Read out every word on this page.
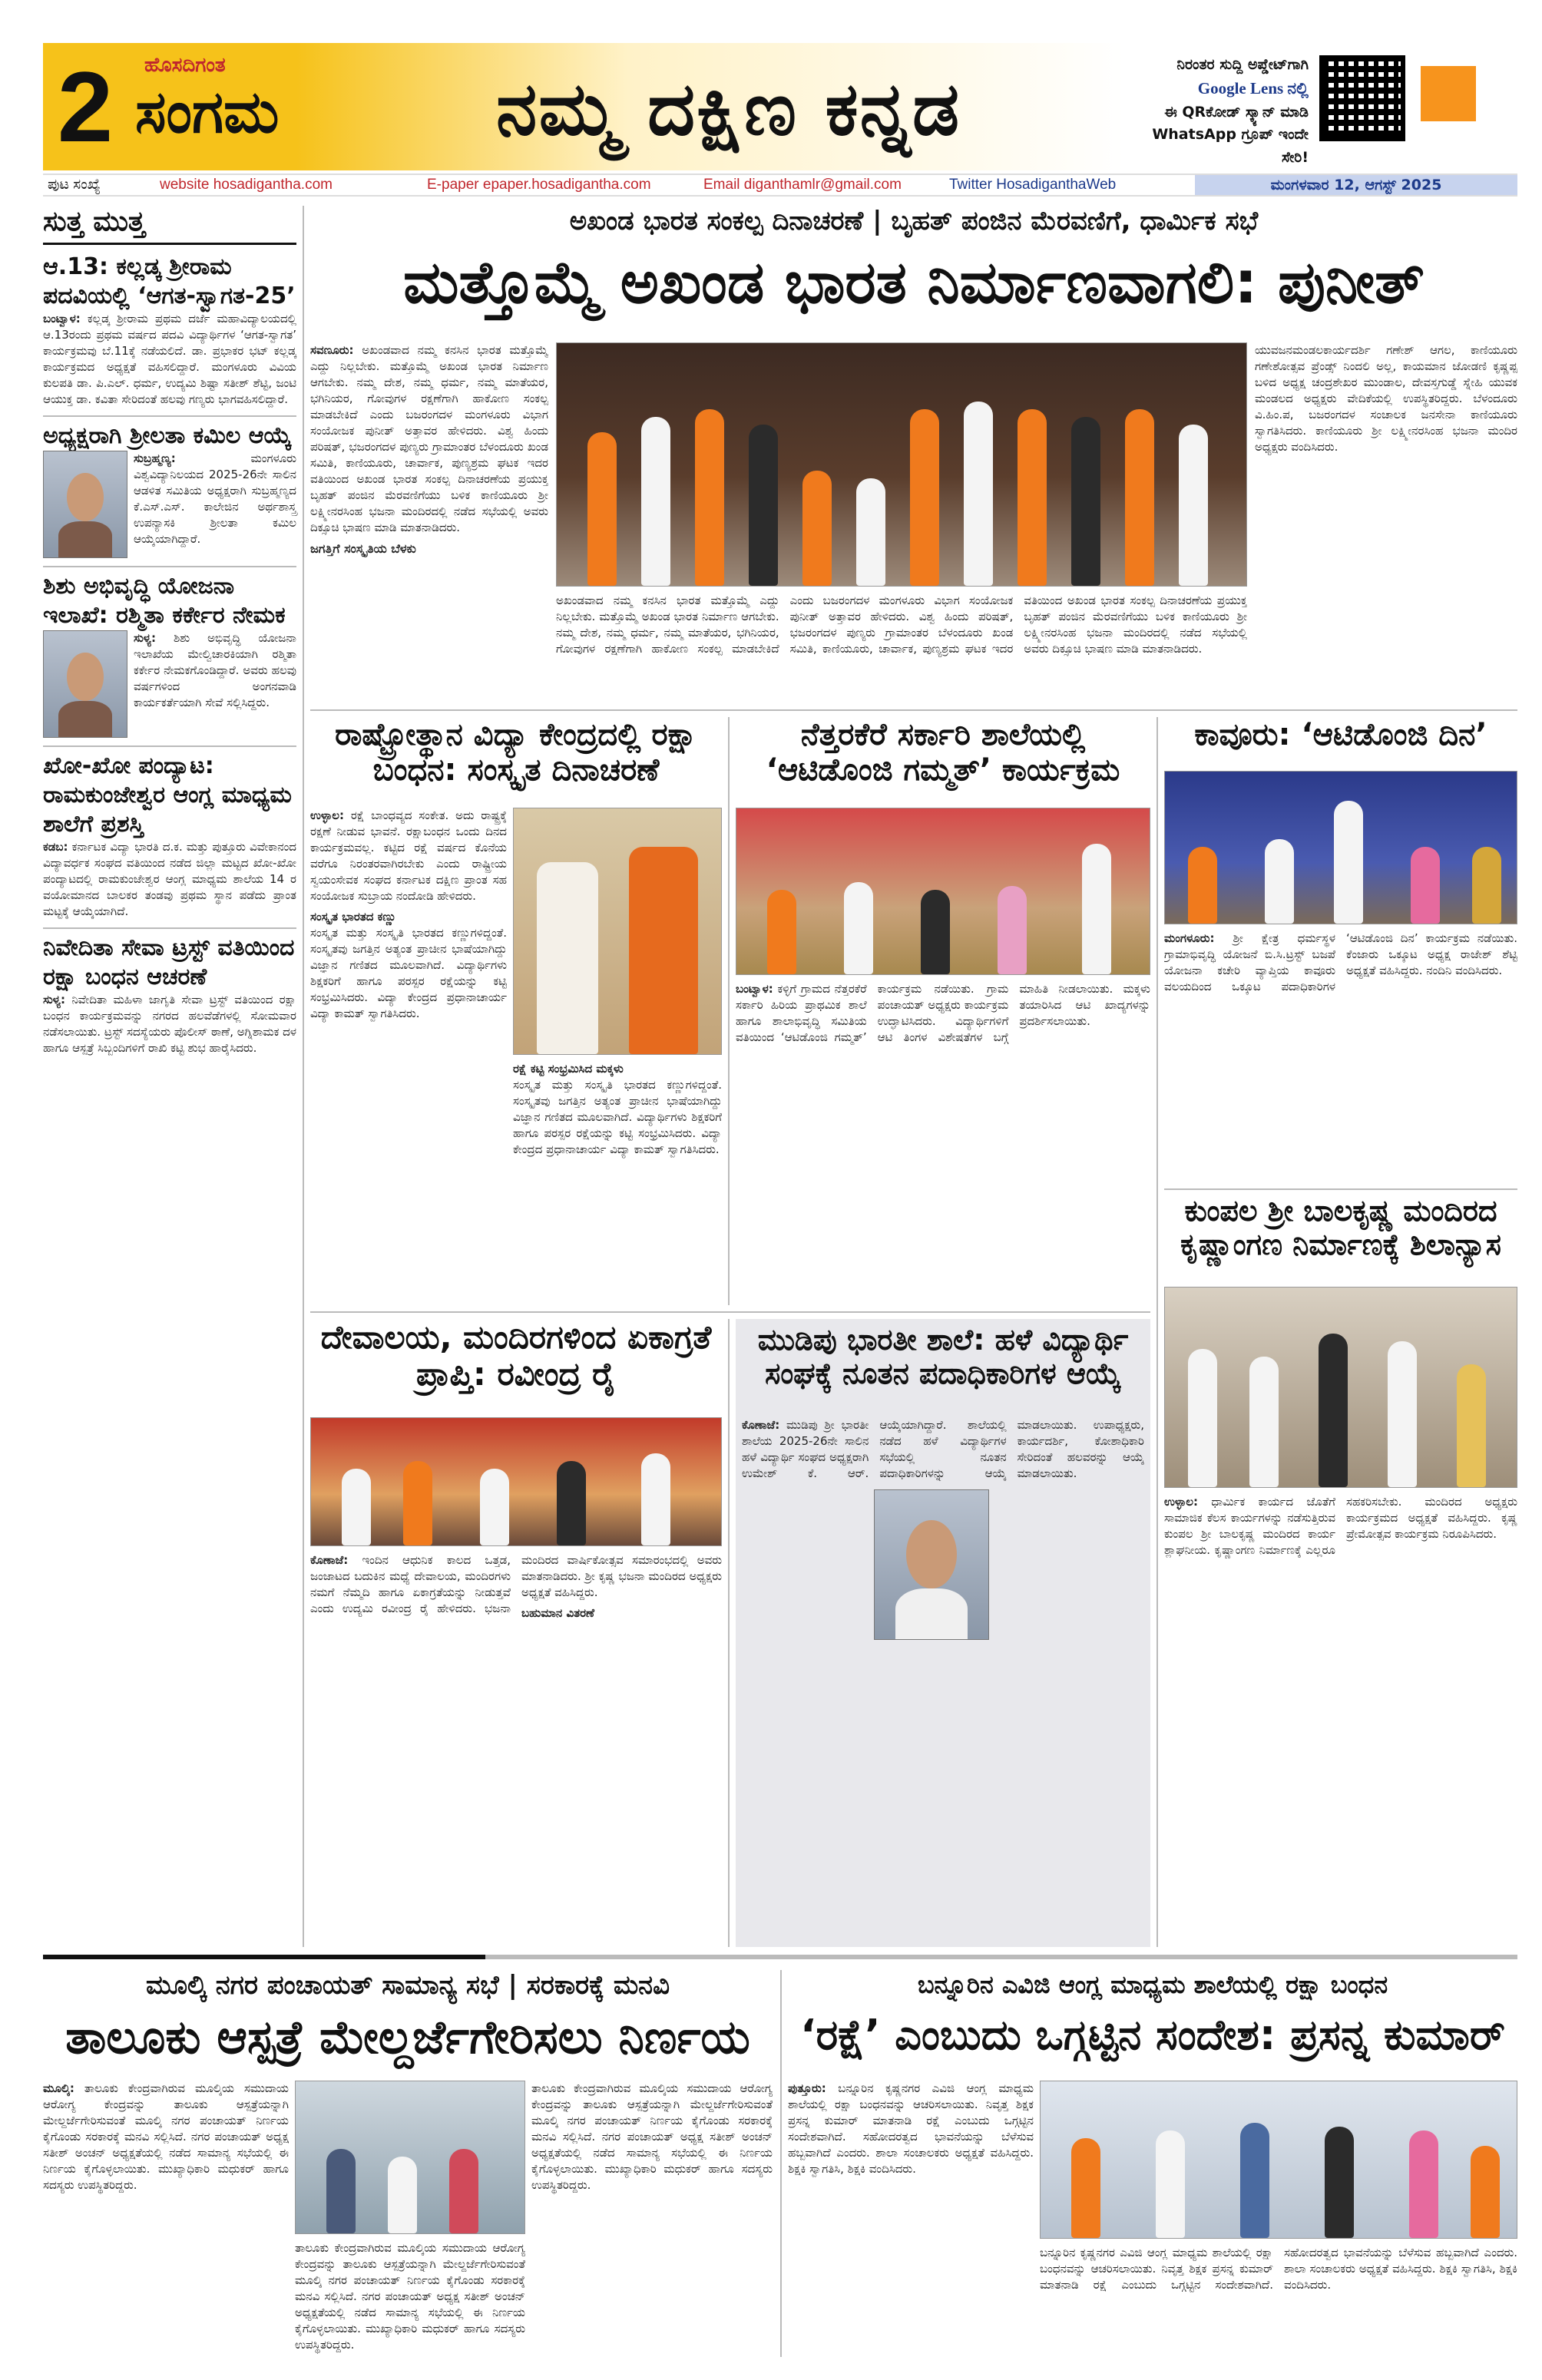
2	ಹೊಸದಿಗಂತ
ಸಂಗಮ	ನಮ್ಮ ದಕ್ಷಿಣ ಕನ್ನಡ
ನಿರಂತರ ಸುದ್ದಿ ಅಪ್ಡೇಟ್‌ಗಾಗಿ
Google Lens ನಲ್ಲಿ
ಈ QRಕೋಡ್ ಸ್ಕ್ಯಾನ್ ಮಾಡಿ
WhatsApp ಗ್ರೂಪ್ ಇಂದೇ ಸೇರಿ!
ಪುಟ ಸಂಖ್ಯೆ	website hosadigantha.com	E-paper epaper.hosadigantha.com	Email diganthamlr@gmail.com	Twitter HosadiganthaWeb	ಮಂಗಳವಾರ 12, ಆಗಸ್ಟ್ 2025
ಸುತ್ತ ಮುತ್ತ
ಆ.13: ಕಲ್ಲಡ್ಕ ಶ್ರೀರಾಮ ಪದವಿಯಲ್ಲಿ ‘ಆಗತ-ಸ್ವಾಗತ-25’
ಬಂಟ್ವಾಳ: ಕಲ್ಲಡ್ಕ ಶ್ರೀರಾಮ ಪ್ರಥಮ ದರ್ಜೆ ಮಹಾವಿದ್ಯಾಲಯದಲ್ಲಿ ಆ.13ರಂದು ಪ್ರಥಮ ವರ್ಷದ ಪದವಿ ವಿದ್ಯಾರ್ಥಿಗಳ ‘ಆಗತ-ಸ್ವಾಗತ’ ಕಾರ್ಯಕ್ರಮವು ಬೆ.11ಕ್ಕೆ ನಡೆಯಲಿದೆ. ಡಾ. ಪ್ರಭಾಕರ ಭಟ್ ಕಲ್ಲಡ್ಕ ಕಾರ್ಯಕ್ರಮದ ಅಧ್ಯಕ್ಷತೆ ವಹಿಸಲಿದ್ದಾರೆ. ಮಂಗಳೂರು ವಿವಿಯ ಕುಲಪತಿ ಡಾ. ಪಿ.ಎಲ್. ಧರ್ಮ, ಉದ್ಯಮಿ ಶಿಷ್ಟಾ ಸತೀಶ್ ಶೆಟ್ಟಿ, ಜಂಟಿ ಆಯುಕ್ತ ಡಾ. ಕವಿತಾ ಸೇರಿದಂತೆ ಹಲವು ಗಣ್ಯರು ಭಾಗವಹಿಸಲಿದ್ದಾರೆ.
ಅಧ್ಯಕ್ಷರಾಗಿ ಶ್ರೀಲತಾ ಕಮಿಲ ಆಯ್ಕೆ
ಸುಬ್ರಹ್ಮಣ್ಯ:	ಮಂಗಳೂರು ವಿಶ್ವವಿದ್ಯಾನಿಲಯದ 2025-26ನೇ ಸಾಲಿನ ಆಡಳಿತ ಸಮಿತಿಯ ಅಧ್ಯಕ್ಷರಾಗಿ ಸುಬ್ರಹ್ಮಣ್ಯದ ಕೆ.ಎಸ್.ಎಸ್. ಕಾಲೇಜಿನ ಅರ್ಥಶಾಸ್ತ್ರ ಉಪನ್ಯಾಸಕಿ ಶ್ರೀಲತಾ ಕಮಿಲ ಆಯ್ಕೆಯಾಗಿದ್ದಾರೆ.
ಶಿಶು ಅಭಿವೃದ್ಧಿ ಯೋಜನಾ ಇಲಾಖೆ: ರಶ್ಮಿತಾ ಕರ್ಕೇರ ನೇಮಕ
ಸುಳ್ಯ: ಶಿಶು ಅಭಿವೃದ್ಧಿ ಯೋಜನಾ ಇಲಾಖೆಯ ಮೇಲ್ವಿಚಾರಕಿಯಾಗಿ ರಶ್ಮಿತಾ ಕರ್ಕೇರ ನೇಮಕಗೊಂಡಿದ್ದಾರೆ. ಅವರು ಹಲವು ವರ್ಷಗಳಿಂದ ಅಂಗನವಾಡಿ ಕಾರ್ಯಕರ್ತೆಯಾಗಿ ಸೇವೆ ಸಲ್ಲಿಸಿದ್ದರು.
ಖೋ-ಖೋ ಪಂದ್ಯಾಟ: ರಾಮಕುಂಜೇಶ್ವರ ಆಂಗ್ಲ ಮಾಧ್ಯಮ ಶಾಲೆಗೆ ಪ್ರಶಸ್ತಿ
ಕಡಬ: ಕರ್ನಾಟಕ ವಿದ್ಯಾ ಭಾರತಿ ದ.ಕ. ಮತ್ತು ಪುತ್ತೂರು ವಿವೇಕಾನಂದ ವಿದ್ಯಾವರ್ಧಕ ಸಂಘದ ವತಿಯಿಂದ ನಡೆದ ಜಿಲ್ಲಾ ಮಟ್ಟದ ಖೋ-ಖೋ ಪಂದ್ಯಾಟದಲ್ಲಿ ರಾಮಕುಂಜೇಶ್ವರ ಆಂಗ್ಲ ಮಾಧ್ಯಮ ಶಾಲೆಯ 14 ರ ವಯೋಮಾನದ ಬಾಲಕರ ತಂಡವು ಪ್ರಥಮ ಸ್ಥಾನ ಪಡೆದು ಪ್ರಾಂತ ಮಟ್ಟಕ್ಕೆ ಆಯ್ಕೆಯಾಗಿದೆ.
ನಿವೇದಿತಾ ಸೇವಾ ಟ್ರಸ್ಟ್ ವತಿಯಿಂದ ರಕ್ಷಾ ಬಂಧನ ಆಚರಣೆ
ಸುಳ್ಯ: ನಿವೇದಿತಾ ಮಹಿಳಾ ಜಾಗೃತಿ ಸೇವಾ ಟ್ರಸ್ಟ್ ವತಿಯಿಂದ ರಕ್ಷಾ ಬಂಧನ ಕಾರ್ಯಕ್ರಮವನ್ನು ನಗರದ ಹಲವೆಡೆಗಳಲ್ಲಿ ಸೋಮವಾರ ನಡೆಸಲಾಯಿತು. ಟ್ರಸ್ಟ್ ಸದಸ್ಯೆಯರು ಪೊಲೀಸ್ ಠಾಣೆ, ಅಗ್ನಿಶಾಮಕ ದಳ ಹಾಗೂ ಆಸ್ಪತ್ರೆ ಸಿಬ್ಬಂದಿಗಳಿಗೆ ರಾಖಿ ಕಟ್ಟಿ ಶುಭ ಹಾರೈಸಿದರು.
ಅಖಂಡ ಭಾರತ ಸಂಕಲ್ಪ ದಿನಾಚರಣೆ | ಬೃಹತ್ ಪಂಜಿನ ಮೆರವಣಿಗೆ, ಧಾರ್ಮಿಕ ಸಭೆ
ಮತ್ತೊಮ್ಮೆ ಅಖಂಡ ಭಾರತ ನಿರ್ಮಾಣವಾಗಲಿ: ಪುನೀತ್
ಸವಣೂರು: ಅಖಂಡವಾದ ನಮ್ಮ ಕನಸಿನ ಭಾರತ ಮತ್ತೊಮ್ಮೆ ಎದ್ದು ನಿಲ್ಲಬೇಕು. ಮತ್ತೊಮ್ಮೆ ಅಖಂಡ ಭಾರತ ನಿರ್ಮಾಣ ಆಗಬೇಕು. ನಮ್ಮ ದೇಶ, ನಮ್ಮ ಧರ್ಮ, ನಮ್ಮ ಮಾತೆಯರ, ಭಗಿನಿಯರ, ಗೋವುಗಳ ರಕ್ಷಣೆಗಾಗಿ ಹಾಕೋಣ ಸಂಕಲ್ಪ ಮಾಡಬೇಕಿದೆ ಎಂದು ಬಜರಂಗದಳ ಮಂಗಳೂರು ವಿಭಾಗ ಸಂಯೋಜಕ ಪುನೀತ್ ಅತ್ತಾವರ ಹೇಳಿದರು. ವಿಶ್ವ ಹಿಂದು ಪರಿಷತ್, ಭಜರಂಗದಳ ಪುಣ್ಯರು ಗ್ರಾಮಾಂತರ ಬೆಳಂದೂರು ಖಂಡ ಸಮಿತಿ, ಕಾಣಿಯೂರು, ಚಾರ್ವಾಕ, ಪುಣ್ಯಶ್ರಮ ಘಟಕ ಇದರ ವತಿಯಿಂದ ಅಖಂಡ ಭಾರತ ಸಂಕಲ್ಪ ದಿನಾಚರಣೆಯ ಪ್ರಯುಕ್ತ ಬೃಹತ್ ಪಂಜಿನ ಮೆರವಣಿಗೆಯು ಬಳಿಕ ಕಾಣಿಯೂರು ಶ್ರೀ ಲಕ್ಷ್ಮೀನರಸಿಂಹ ಭಜನಾ ಮಂದಿರದಲ್ಲಿ ನಡೆದ ಸಭೆಯಲ್ಲಿ ಅವರು ದಿಕ್ಸೂಚಿ ಭಾಷಣ ಮಾಡಿ ಮಾತನಾಡಿದರು.
ಜಗತ್ತಿಗೆ ಸಂಸ್ಕೃತಿಯ ಬೆಳಕು
ಅಖಂಡವಾದ ನಮ್ಮ ಕನಸಿನ ಭಾರತ ಮತ್ತೊಮ್ಮೆ ಎದ್ದು ನಿಲ್ಲಬೇಕು. ಮತ್ತೊಮ್ಮೆ ಅಖಂಡ ಭಾರತ ನಿರ್ಮಾಣ ಆಗಬೇಕು. ನಮ್ಮ ದೇಶ, ನಮ್ಮ ಧರ್ಮ, ನಮ್ಮ ಮಾತೆಯರ, ಭಗಿನಿಯರ, ಗೋವುಗಳ ರಕ್ಷಣೆಗಾಗಿ ಹಾಕೋಣ ಸಂಕಲ್ಪ ಮಾಡಬೇಕಿದೆ ಎಂದು ಬಜರಂಗದಳ ಮಂಗಳೂರು ವಿಭಾಗ ಸಂಯೋಜಕ ಪುನೀತ್ ಅತ್ತಾವರ ಹೇಳಿದರು. ವಿಶ್ವ ಹಿಂದು ಪರಿಷತ್, ಭಜರಂಗದಳ ಪುಣ್ಯರು ಗ್ರಾಮಾಂತರ ಬೆಳಂದೂರು ಖಂಡ ಸಮಿತಿ, ಕಾಣಿಯೂರು, ಚಾರ್ವಾಕ, ಪುಣ್ಯಶ್ರಮ ಘಟಕ ಇದರ ವತಿಯಿಂದ ಅಖಂಡ ಭಾರತ ಸಂಕಲ್ಪ ದಿನಾಚರಣೆಯ ಪ್ರಯುಕ್ತ ಬೃಹತ್ ಪಂಜಿನ ಮೆರವಣಿಗೆಯು ಬಳಿಕ ಕಾಣಿಯೂರು ಶ್ರೀ ಲಕ್ಷ್ಮೀನರಸಿಂಹ ಭಜನಾ ಮಂದಿರದಲ್ಲಿ ನಡೆದ ಸಭೆಯಲ್ಲಿ ಅವರು ದಿಕ್ಸೂಚಿ ಭಾಷಣ ಮಾಡಿ ಮಾತನಾಡಿದರು.
ಯುವಜನಮಂಡಲಕಾರ್ಯದರ್ಶಿ ಗಣೇಶ್ ಆಗಲ, ಕಾಣಿಯೂರು ಗಣೇಶೋತ್ಸವ ಪ್ರೆಂಡ್ಸ್ ನಿಂದಲಿ ಅಲ್ಲ, ಕಾಯಮಾನ ಜೋಡಣಿ ಕೃಷ್ಣಪ್ಪ ಬಳಿದ ಅಧ್ಯಕ್ಷ ಚಂದ್ರಶೇಖರ ಮುಂಡಾಲ, ದೇವಸ್ತಗುಡ್ಡೆ ಸ್ನೇಹಿ ಯುವಕ ಮಂಡಲದ ಅಧ್ಯಕ್ಷರು ವೇದಿಕೆಯಲ್ಲಿ ಉಪಸ್ಥಿತರಿದ್ದರು. ಬೆಳಂದೂರು ವಿ.ಹಿಂ.ಪ, ಬಜರಂಗದಳ ಸಂಚಾಲಕ ಜನಸೇನಾ ಕಾಣಿಯೂರು ಸ್ವಾಗತಿಸಿದರು. ಕಾಣಿಯೂರು ಶ್ರೀ ಲಕ್ಷ್ಮೀನರಸಿಂಹ ಭಜನಾ ಮಂದಿರ ಅಧ್ಯಕ್ಷರು ವಂದಿಸಿದರು.
ರಾಷ್ಟ್ರೋತ್ಥಾನ ವಿದ್ಯಾ ಕೇಂದ್ರದಲ್ಲಿ ರಕ್ಷಾ ಬಂಧನ: ಸಂಸ್ಕೃತ ದಿನಾಚರಣೆ
ಉಳ್ಳಾಲ: ರಕ್ಷೆ ಬಾಂಧವ್ಯದ ಸಂಕೇತ. ಅದು ರಾಷ್ಟ್ರಕ್ಕೆ ರಕ್ಷಣೆ ನೀಡುವ ಭಾವನೆ. ರಕ್ಷಾಬಂಧನ ಒಂದು ದಿನದ ಕಾರ್ಯಕ್ರಮವಲ್ಲ. ಕಟ್ಟಿದ ರಕ್ಷೆ ವರ್ಷದ ಕೊನೆಯ ವರೆಗೂ ನಿರಂತರವಾಗಿರಬೇಕು ಎಂದು ರಾಷ್ಟ್ರೀಯ ಸ್ವಯಂಸೇವಕ ಸಂಘದ ಕರ್ನಾಟಕ ದಕ್ಷಿಣ ಪ್ರಾಂತ ಸಹ ಸಂಯೋಜಕ ಸುಬ್ರಾಯ ನಂದೋಡಿ ಹೇಳಿದರು.
ಸಂಸ್ಕೃತ ಭಾರತದ ಕಣ್ಣು
ಸಂಸ್ಕೃತ ಮತ್ತು ಸಂಸ್ಕೃತಿ ಭಾರತದ ಕಣ್ಣುಗಳಿದ್ದಂತೆ. ಸಂಸ್ಕೃತವು ಜಗತ್ತಿನ ಅತ್ಯಂತ ಪ್ರಾಚೀನ ಭಾಷೆಯಾಗಿದ್ದು ವಿಜ್ಞಾನ ಗಣಿತದ ಮೂಲವಾಗಿದೆ. ವಿದ್ಯಾರ್ಥಿಗಳು ಶಿಕ್ಷಕರಿಗೆ ಹಾಗೂ ಪರಸ್ಪರ ರಕ್ಷೆಯನ್ನು ಕಟ್ಟಿ ಸಂಭ್ರಮಿಸಿದರು. ವಿದ್ಯಾ ಕೇಂದ್ರದ ಪ್ರಧಾನಾಚಾರ್ಯ ವಿದ್ಯಾ ಕಾಮತ್ ಸ್ವಾಗತಿಸಿದರು.
ರಕ್ಷೆ ಕಟ್ಟಿ ಸಂಭ್ರಮಿಸಿದ ಮಕ್ಕಳು
ಸಂಸ್ಕೃತ ಮತ್ತು ಸಂಸ್ಕೃತಿ ಭಾರತದ ಕಣ್ಣುಗಳಿದ್ದಂತೆ. ಸಂಸ್ಕೃತವು ಜಗತ್ತಿನ ಅತ್ಯಂತ ಪ್ರಾಚೀನ ಭಾಷೆಯಾಗಿದ್ದು ವಿಜ್ಞಾನ ಗಣಿತದ ಮೂಲವಾಗಿದೆ. ವಿದ್ಯಾರ್ಥಿಗಳು ಶಿಕ್ಷಕರಿಗೆ ಹಾಗೂ ಪರಸ್ಪರ ರಕ್ಷೆಯನ್ನು ಕಟ್ಟಿ ಸಂಭ್ರಮಿಸಿದರು. ವಿದ್ಯಾ ಕೇಂದ್ರದ ಪ್ರಧಾನಾಚಾರ್ಯ ವಿದ್ಯಾ ಕಾಮತ್ ಸ್ವಾಗತಿಸಿದರು.
ನೆತ್ತರಕೆರೆ ಸರ್ಕಾರಿ ಶಾಲೆಯಲ್ಲಿ ‘ಆಟಿಡೊಂಜಿ ಗಮ್ಮತ್’ ಕಾರ್ಯಕ್ರಮ
ಬಂಟ್ವಾಳ: ಕಳ್ಳಿಗೆ ಗ್ರಾಮದ ನೆತ್ತರಕೆರೆ ಸರ್ಕಾರಿ ಹಿರಿಯ ಪ್ರಾಥಮಿಕ ಶಾಲೆ ಹಾಗೂ ಶಾಲಾಭಿವೃದ್ಧಿ ಸಮಿತಿಯ ವತಿಯಿಂದ ‘ಆಟಿಡೊಂಜಿ ಗಮ್ಮತ್’ ಕಾರ್ಯಕ್ರಮ ನಡೆಯಿತು. ಗ್ರಾಮ ಪಂಚಾಯತ್ ಅಧ್ಯಕ್ಷರು ಕಾರ್ಯಕ್ರಮ ಉದ್ಘಾಟಿಸಿದರು. ವಿದ್ಯಾರ್ಥಿಗಳಿಗೆ ಆಟಿ ತಿಂಗಳ ವಿಶೇಷತೆಗಳ ಬಗ್ಗೆ ಮಾಹಿತಿ ನೀಡಲಾಯಿತು. ಮಕ್ಕಳು ತಯಾರಿಸಿದ ಆಟಿ ಖಾದ್ಯಗಳನ್ನು ಪ್ರದರ್ಶಿಸಲಾಯಿತು.
ಕಾವೂರು: ‘ಆಟಿಡೊಂಜಿ ದಿನ’
ಮಂಗಳೂರು: ಶ್ರೀ ಕ್ಷೇತ್ರ ಧರ್ಮಸ್ಥಳ ಗ್ರಾಮಾಭಿವೃದ್ಧಿ ಯೋಜನೆ ಬಿ.ಸಿ.ಟ್ರಸ್ಟ್ ಬಜಪೆ ಯೋಜನಾ ಕಚೇರಿ ವ್ಯಾಪ್ತಿಯ ಕಾವೂರು ವಲಯದಿಂದ ಒಕ್ಕೂಟ ಪದಾಧಿಕಾರಿಗಳ ‘ಆಟಿಡೊಂಜಿ ದಿನ’ ಕಾರ್ಯಕ್ರಮ ನಡೆಯಿತು. ಕೆಂಜಾರು ಒಕ್ಕೂಟ ಅಧ್ಯಕ್ಷ ರಾಜೇಶ್ ಶೆಟ್ಟಿ ಅಧ್ಯಕ್ಷತೆ ವಹಿಸಿದ್ದರು. ನಂದಿನಿ ವಂದಿಸಿದರು.
ಕುಂಪಲ ಶ್ರೀ ಬಾಲಕೃಷ್ಣ ಮಂದಿರದ ಕೃಷ್ಣಾಂಗಣ ನಿರ್ಮಾಣಕ್ಕೆ ಶಿಲಾನ್ಯಾಸ
ಉಳ್ಳಾಲ: ಧಾರ್ಮಿಕ ಕಾರ್ಯದ ಜೊತೆಗೆ ಸಾಮಾಜಿಕ ಕೆಲಸ ಕಾರ್ಯಗಳನ್ನು ನಡೆಸುತ್ತಿರುವ ಕುಂಪಲ ಶ್ರೀ ಬಾಲಕೃಷ್ಣ ಮಂದಿರದ ಕಾರ್ಯ ಶ್ಲಾಘನೀಯ. ಕೃಷ್ಣಾಂಗಣ ನಿರ್ಮಾಣಕ್ಕೆ ಎಲ್ಲರೂ ಸಹಕರಿಸಬೇಕು. ಮಂದಿರದ ಅಧ್ಯಕ್ಷರು ಕಾರ್ಯಕ್ರಮದ ಅಧ್ಯಕ್ಷತೆ ವಹಿಸಿದ್ದರು. ಕೃಷ್ಣ ಪ್ರೇಮೋತ್ಸವ ಕಾರ್ಯಕ್ರಮ ನಿರೂಪಿಸಿದರು.
ದೇವಾಲಯ, ಮಂದಿರಗಳಿಂದ ಏಕಾಗ್ರತೆ ಪ್ರಾಪ್ತಿ: ರವೀಂದ್ರ ರೈ
ಕೊಣಾಜೆ: ಇಂದಿನ ಆಧುನಿಕ ಕಾಲದ ಒತ್ತಡ, ಜಂಜಾಟದ ಬದುಕಿನ ಮಧ್ಯೆ ದೇವಾಲಯ, ಮಂದಿರಗಳು ನಮಗೆ ನೆಮ್ಮದಿ ಹಾಗೂ ಏಕಾಗ್ರತೆಯನ್ನು ನೀಡುತ್ತವೆ ಎಂದು ಉದ್ಯಮಿ ರವೀಂದ್ರ ರೈ ಹೇಳಿದರು. ಭಜನಾ ಮಂದಿರದ ವಾರ್ಷಿಕೋತ್ಸವ ಸಮಾರಂಭದಲ್ಲಿ ಅವರು ಮಾತನಾಡಿದರು. ಶ್ರೀ ಕೃಷ್ಣ ಭಜನಾ ಮಂದಿರದ ಅಧ್ಯಕ್ಷರು ಅಧ್ಯಕ್ಷತೆ ವಹಿಸಿದ್ದರು.
ಬಹುಮಾನ ವಿತರಣೆ
ಮುಡಿಪು ಭಾರತೀ ಶಾಲೆ: ಹಳೆ ವಿದ್ಯಾರ್ಥಿ ಸಂಘಕ್ಕೆ ನೂತನ ಪದಾಧಿಕಾರಿಗಳ ಆಯ್ಕೆ
ಕೊಣಾಜೆ: ಮುಡಿಪು ಶ್ರೀ ಭಾರತೀ ಶಾಲೆಯ 2025-26ನೇ ಸಾಲಿನ ಹಳೆ ವಿದ್ಯಾರ್ಥಿ ಸಂಘದ ಅಧ್ಯಕ್ಷರಾಗಿ ಉಮೇಶ್ ಕೆ. ಆರ್. ಆಯ್ಕೆಯಾಗಿದ್ದಾರೆ. ಶಾಲೆಯಲ್ಲಿ ನಡೆದ ಹಳೆ ವಿದ್ಯಾರ್ಥಿಗಳ ಸಭೆಯಲ್ಲಿ ನೂತನ ಪದಾಧಿಕಾರಿಗಳನ್ನು ಆಯ್ಕೆ ಮಾಡಲಾಯಿತು. ಉಪಾಧ್ಯಕ್ಷರು, ಕಾರ್ಯದರ್ಶಿ, ಕೋಶಾಧಿಕಾರಿ ಸೇರಿದಂತೆ ಹಲವರನ್ನು ಆಯ್ಕೆ ಮಾಡಲಾಯಿತು.
ಮೂಲ್ಕಿ ನಗರ ಪಂಚಾಯತ್ ಸಾಮಾನ್ಯ ಸಭೆ | ಸರಕಾರಕ್ಕೆ ಮನವಿ
ತಾಲೂಕು ಆಸ್ಪತ್ರೆ ಮೇಲ್ದರ್ಜೆಗೇರಿಸಲು ನಿರ್ಣಯ
ಮೂಲ್ಕಿ: ತಾಲೂಕು ಕೇಂದ್ರವಾಗಿರುವ ಮೂಲ್ಕಿಯ ಸಮುದಾಯ ಆರೋಗ್ಯ ಕೇಂದ್ರವನ್ನು ತಾಲೂಕು ಆಸ್ಪತ್ರೆಯನ್ನಾಗಿ ಮೇಲ್ದರ್ಜೆಗೇರಿಸುವಂತೆ ಮೂಲ್ಕಿ ನಗರ ಪಂಚಾಯತ್ ನಿರ್ಣಯ ಕೈಗೊಂಡು ಸರಕಾರಕ್ಕೆ ಮನವಿ ಸಲ್ಲಿಸಿದೆ. ನಗರ ಪಂಚಾಯತ್ ಅಧ್ಯಕ್ಷ ಸತೀಶ್ ಅಂಚನ್ ಅಧ್ಯಕ್ಷತೆಯಲ್ಲಿ ನಡೆದ ಸಾಮಾನ್ಯ ಸಭೆಯಲ್ಲಿ ಈ ನಿರ್ಣಯ ಕೈಗೊಳ್ಳಲಾಯಿತು. ಮುಖ್ಯಾಧಿಕಾರಿ ಮಧುಕರ್ ಹಾಗೂ ಸದಸ್ಯರು ಉಪಸ್ಥಿತರಿದ್ದರು.
ತಾಲೂಕು ಕೇಂದ್ರವಾಗಿರುವ ಮೂಲ್ಕಿಯ ಸಮುದಾಯ ಆರೋಗ್ಯ ಕೇಂದ್ರವನ್ನು ತಾಲೂಕು ಆಸ್ಪತ್ರೆಯನ್ನಾಗಿ ಮೇಲ್ದರ್ಜೆಗೇರಿಸುವಂತೆ ಮೂಲ್ಕಿ ನಗರ ಪಂಚಾಯತ್ ನಿರ್ಣಯ ಕೈಗೊಂಡು ಸರಕಾರಕ್ಕೆ ಮನವಿ ಸಲ್ಲಿಸಿದೆ. ನಗರ ಪಂಚಾಯತ್ ಅಧ್ಯಕ್ಷ ಸತೀಶ್ ಅಂಚನ್ ಅಧ್ಯಕ್ಷತೆಯಲ್ಲಿ ನಡೆದ ಸಾಮಾನ್ಯ ಸಭೆಯಲ್ಲಿ ಈ ನಿರ್ಣಯ ಕೈಗೊಳ್ಳಲಾಯಿತು. ಮುಖ್ಯಾಧಿಕಾರಿ ಮಧುಕರ್ ಹಾಗೂ ಸದಸ್ಯರು ಉಪಸ್ಥಿತರಿದ್ದರು.
ತಾಲೂಕು ಕೇಂದ್ರವಾಗಿರುವ ಮೂಲ್ಕಿಯ ಸಮುದಾಯ ಆರೋಗ್ಯ ಕೇಂದ್ರವನ್ನು ತಾಲೂಕು ಆಸ್ಪತ್ರೆಯನ್ನಾಗಿ ಮೇಲ್ದರ್ಜೆಗೇರಿಸುವಂತೆ ಮೂಲ್ಕಿ ನಗರ ಪಂಚಾಯತ್ ನಿರ್ಣಯ ಕೈಗೊಂಡು ಸರಕಾರಕ್ಕೆ ಮನವಿ ಸಲ್ಲಿಸಿದೆ. ನಗರ ಪಂಚಾಯತ್ ಅಧ್ಯಕ್ಷ ಸತೀಶ್ ಅಂಚನ್ ಅಧ್ಯಕ್ಷತೆಯಲ್ಲಿ ನಡೆದ ಸಾಮಾನ್ಯ ಸಭೆಯಲ್ಲಿ ಈ ನಿರ್ಣಯ ಕೈಗೊಳ್ಳಲಾಯಿತು. ಮುಖ್ಯಾಧಿಕಾರಿ ಮಧುಕರ್ ಹಾಗೂ ಸದಸ್ಯರು ಉಪಸ್ಥಿತರಿದ್ದರು.
ಬನ್ನೂರಿನ ಎವಿಜಿ ಆಂಗ್ಲ ಮಾಧ್ಯಮ ಶಾಲೆಯಲ್ಲಿ ರಕ್ಷಾ ಬಂಧನ
‘ರಕ್ಷೆ’ ಎಂಬುದು ಒಗ್ಗಟ್ಟಿನ ಸಂದೇಶ: ಪ್ರಸನ್ನ ಕುಮಾರ್
ಪುತ್ತೂರು: ಬನ್ನೂರಿನ ಕೃಷ್ಣನಗರ ಎವಿಜಿ ಆಂಗ್ಲ ಮಾಧ್ಯಮ ಶಾಲೆಯಲ್ಲಿ ರಕ್ಷಾ ಬಂಧನವನ್ನು ಆಚರಿಸಲಾಯಿತು. ನಿವೃತ್ತ ಶಿಕ್ಷಕ ಪ್ರಸನ್ನ ಕುಮಾರ್ ಮಾತನಾಡಿ ರಕ್ಷೆ ಎಂಬುದು ಒಗ್ಗಟ್ಟಿನ ಸಂದೇಶವಾಗಿದೆ. ಸಹೋದರತ್ವದ ಭಾವನೆಯನ್ನು ಬೆಳೆಸುವ ಹಬ್ಬವಾಗಿದೆ ಎಂದರು. ಶಾಲಾ ಸಂಚಾಲಕರು ಅಧ್ಯಕ್ಷತೆ ವಹಿಸಿದ್ದರು. ಶಿಕ್ಷಕಿ ಸ್ವಾಗತಿಸಿ, ಶಿಕ್ಷಕಿ ವಂದಿಸಿದರು.
ಬನ್ನೂರಿನ ಕೃಷ್ಣನಗರ ಎವಿಜಿ ಆಂಗ್ಲ ಮಾಧ್ಯಮ ಶಾಲೆಯಲ್ಲಿ ರಕ್ಷಾ ಬಂಧನವನ್ನು ಆಚರಿಸಲಾಯಿತು. ನಿವೃತ್ತ ಶಿಕ್ಷಕ ಪ್ರಸನ್ನ ಕುಮಾರ್ ಮಾತನಾಡಿ ರಕ್ಷೆ ಎಂಬುದು ಒಗ್ಗಟ್ಟಿನ ಸಂದೇಶವಾಗಿದೆ. ಸಹೋದರತ್ವದ ಭಾವನೆಯನ್ನು ಬೆಳೆಸುವ ಹಬ್ಬವಾಗಿದೆ ಎಂದರು. ಶಾಲಾ ಸಂಚಾಲಕರು ಅಧ್ಯಕ್ಷತೆ ವಹಿಸಿದ್ದರು. ಶಿಕ್ಷಕಿ ಸ್ವಾಗತಿಸಿ, ಶಿಕ್ಷಕಿ ವಂದಿಸಿದರು.
